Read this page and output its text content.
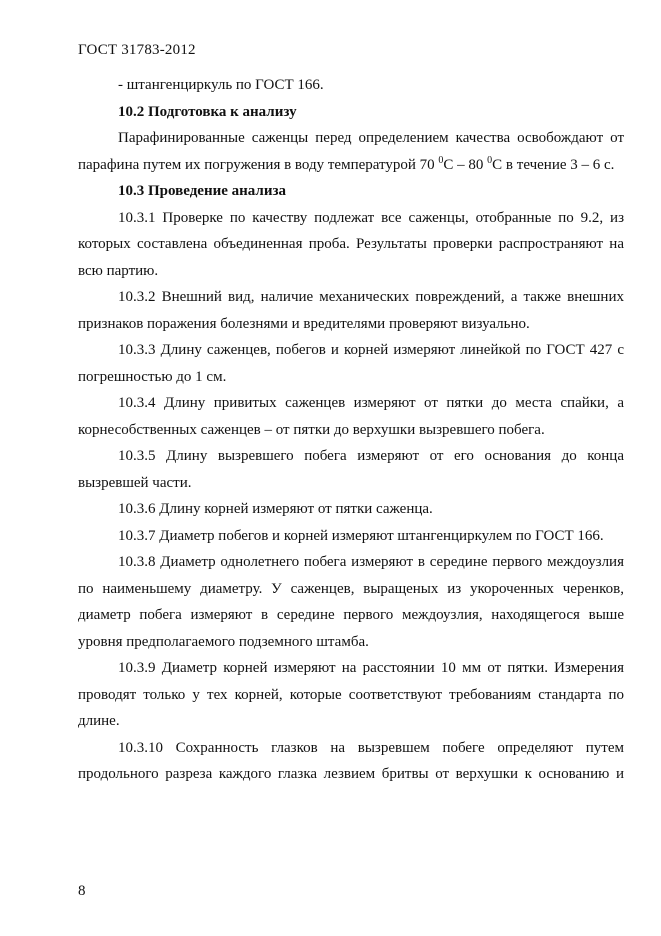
ГОСТ 31783-2012

- штангенциркуль по ГОСТ 166.

10.2 Подготовка к анализу

Парафинированные саженцы перед определением качества освобождают от парафина путем их погружения в воду температурой 70 $^0$С – 80 $^0$С в течение 3 – 6 с.

10.3 Проведение анализа

10.3.1 Проверке по качеству подлежат все саженцы, отобранные по 9.2, из которых составлена объединенная проба. Результаты проверки распространяют на всю партию.

10.3.2 Внешний вид, наличие механических повреждений, а также внешних признаков поражения болезнями и вредителями проверяют визуально.

10.3.3 Длину саженцев, побегов и корней измеряют линейкой по ГОСТ 427 с погрешностью до 1 см.

10.3.4 Длину привитых саженцев измеряют от пятки до места спайки, а корнесобственных саженцев – от пятки до верхушки вызревшего побега.

10.3.5 Длину вызревшего побега измеряют от его основания до конца вызревшей части.

10.3.6 Длину корней измеряют от пятки саженца.

10.3.7 Диаметр побегов и корней измеряют штангенциркулем по ГОСТ 166.

10.3.8 Диаметр однолетнего побега измеряют в середине первого междоузлия по наименьшему диаметру. У саженцев, выращеных из укороченных черенков, диаметр побега измеряют в середине первого междоузлия, находящегося выше уровня предполагаемого подземного штамба.

10.3.9 Диаметр корней измеряют на расстоянии 10 мм от пятки. Измерения проводят только у тех корней, которые соответствуют требованиям стандарта по длине.

10.3.10 Сохранность глазков на вызревшем побеге определяют путем продольного разреза каждого глазка лезвием бритвы от верхушки к основанию и

8
